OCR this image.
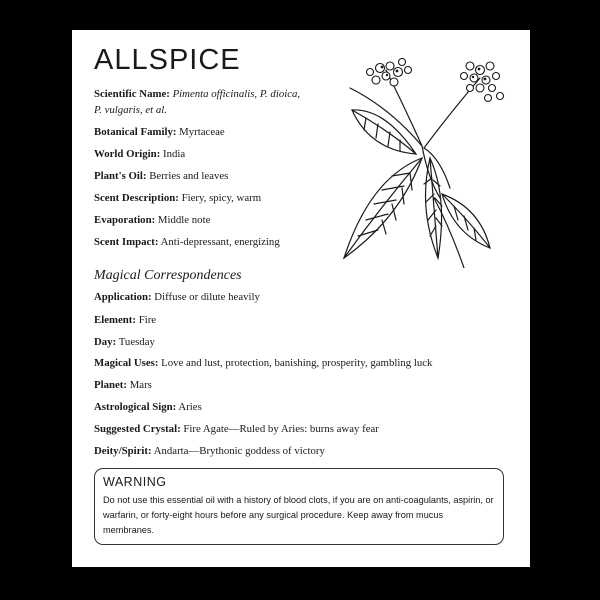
ALLSPICE
Scientific Name: Pimenta officinalis, P. dioica,
P. vulgaris, et al.
Botanical Family: Myrtaceae
World Origin: India
Plant's Oil: Berries and leaves
Scent Description: Fiery, spicy, warm
Evaporation: Middle note
Scent Impact: Anti-depressant, energizing
Magical Correspondences
Application: Diffuse or dilute heavily
Element: Fire
Day: Tuesday
Magical Uses: Love and lust, protection, banishing, prosperity, gambling luck
Planet: Mars
Astrological Sign: Aries
Suggested Crystal: Fire Agate—Ruled by Aries: burns away fear
Deity/Spirit: Andarta—Brythonic goddess of victory
WARNING

Do not use this essential oil with a history of blood clots, if you are on anti-coagulants, aspirin, or warfarin, or forty-eight hours before any surgical procedure. Keep away from mucus membranes.
